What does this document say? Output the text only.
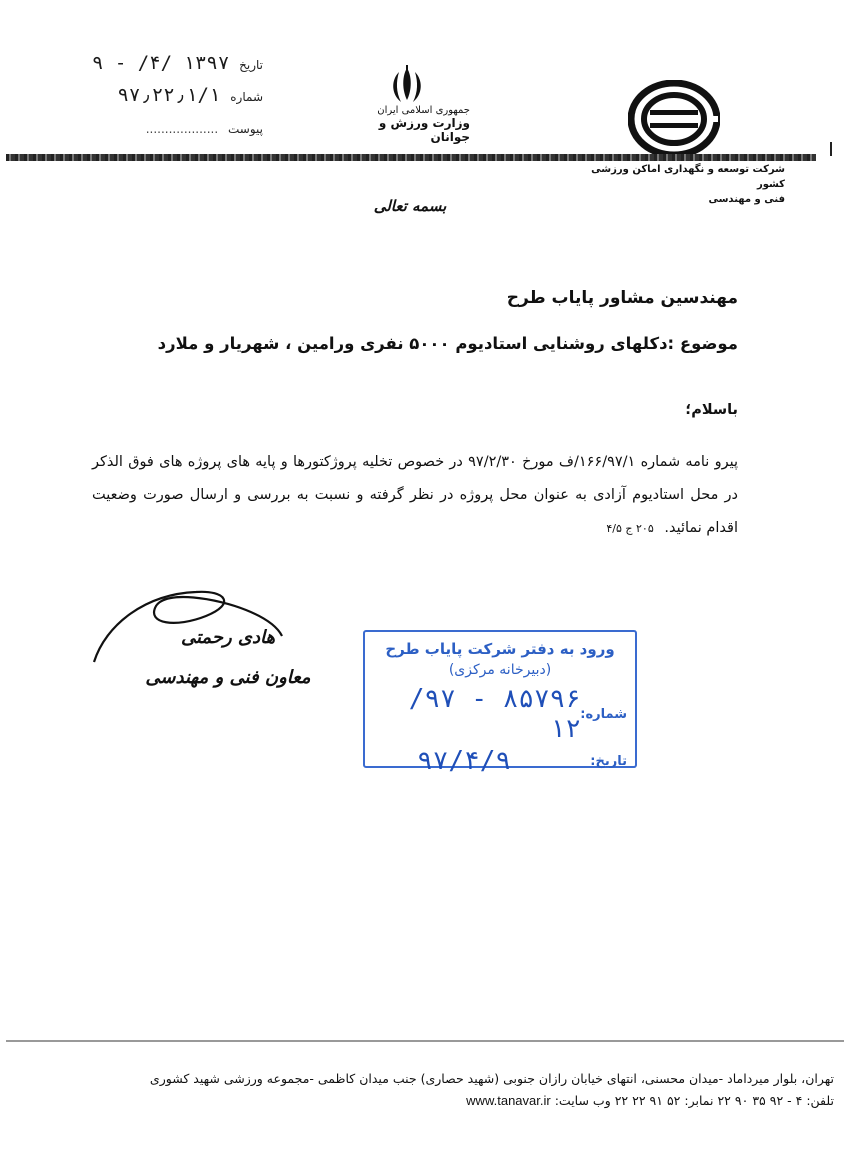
تاریخ ۱۳۹۷ /۴/ - ۹
شماره ۹۷٫۲۲٫۱/۱
پیوست ...................
جمهوری اسلامی ایران
وزارت ورزش و جوانان
شرکت توسعه و نگهداری اماکن ورزشی کشور
فنی و مهندسی
بسمه تعالی
مهندسین مشاور پایاب طرح
موضوع :دکلهای روشنایی استادیوم ۵۰۰۰ نفری ورامین ، شهریار و ملارد
باسلام؛
پیرو نامه شماره ۱۶۶/۹۷/۱/ف مورخ ۹۷/۲/۳۰ در خصوص تخلیه پروژکتورها و پایه های پروژه های فوق الذکر در محل استادیوم آزادی به عنوان محل پروژه در نظر گرفته و نسبت به بررسی و ارسال صورت وضعیت اقدام نمائید. ۲۰۵ ج ۴/۵
هادی رحمتی
معاون فنی و مهندسی
ورود به دفتر شرکت پایاب طرح
(دبیرخانه مرکزی)
شماره:
۸۵۷۹۶ - ۹۷/ ۱۲
تاریخ:
۹۷/۴/۹
تهران، بلوار میرداماد -میدان محسنی، انتهای خیابان رازان جنوبی (شهید حصاری) جنب میدان کاظمی -مجموعه ورزشی شهید کشوری
تلفن: ۴ - ۹۲ ۳۵ ۹۰ ۲۲ نمابر: ۵۲ ۹۱ ۲۲ ۲۲ وب سایت: www.tanavar.ir
